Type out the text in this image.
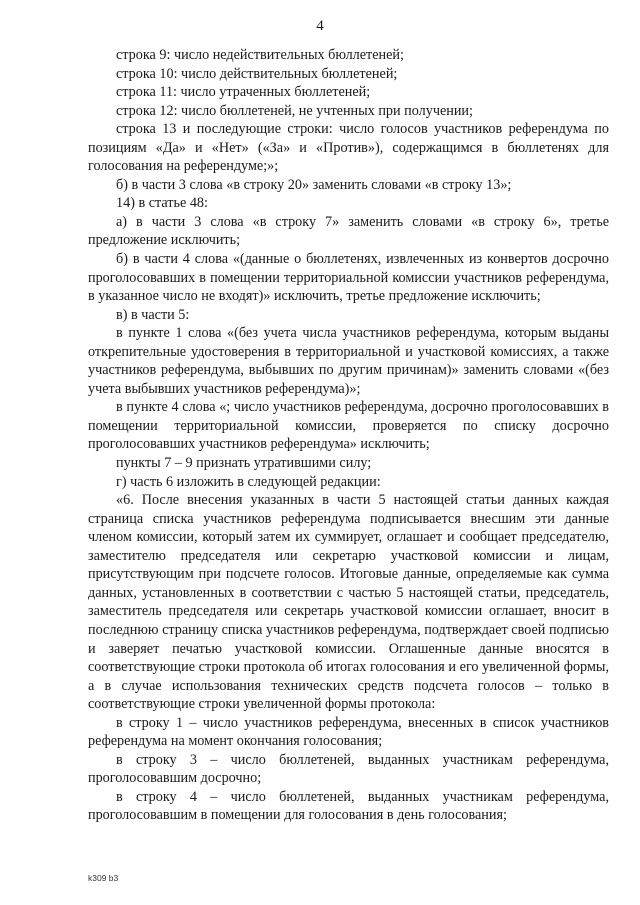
4

строка 9: число недействительных бюллетеней;

строка 10: число действительных бюллетеней;

строка 11: число утраченных бюллетеней;

строка 12: число бюллетеней, не учтенных при получении;

строка 13 и последующие строки: число голосов участников референдума по позициям «Да» и «Нет» («За» и «Против»), содержащимся в бюллетенях для голосования на референдуме;»;

б) в части 3 слова «в строку 20» заменить словами «в строку 13»;

14) в статье 48:

а) в части 3 слова «в строку 7» заменить словами «в строку 6», третье предложение исключить;

б) в части 4 слова «(данные о бюллетенях, извлеченных из конвертов досрочно проголосовавших в помещении территориальной комиссии участников референдума, в указанное число не входят)» исключить, третье предложение исключить;

в) в части 5:

в пункте 1 слова «(без учета числа участников референдума, которым выданы открепительные удостоверения в территориальной и участковой комиссиях, а также участников референдума, выбывших по другим причинам)» заменить словами «(без учета выбывших участников референдума)»;

в пункте 4 слова «; число участников референдума, досрочно проголосовавших в помещении территориальной комиссии, проверяется по списку досрочно проголосовавших участников референдума» исключить;

пункты 7 – 9 признать утратившими силу;

г) часть 6 изложить в следующей редакции:

«6. После внесения указанных в части 5 настоящей статьи данных каждая страница списка участников референдума подписывается внесшим эти данные членом комиссии, который затем их суммирует, оглашает и сообщает председателю, заместителю председателя или секретарю участковой комиссии и лицам, присутствующим при подсчете голосов. Итоговые данные, определяемые как сумма данных, установленных в соответствии с частью 5 настоящей статьи, председатель, заместитель председателя или секретарь участковой комиссии оглашает, вносит в последнюю страницу списка участников референдума, подтверждает своей подписью и заверяет печатью участковой комиссии. Оглашенные данные вносятся в соответствующие строки протокола об итогах голосования и его увеличенной формы, а в случае использования технических средств подсчета голосов – только в соответствующие строки увеличенной формы протокола:

в строку 1 – число участников референдума, внесенных в список участников референдума на момент окончания голосования;

в строку 3 – число бюллетеней, выданных участникам референдума, проголосовавшим досрочно;

в строку 4 – число бюллетеней, выданных участникам референдума, проголосовавшим в помещении для голосования в день голосования;

k309 b3
